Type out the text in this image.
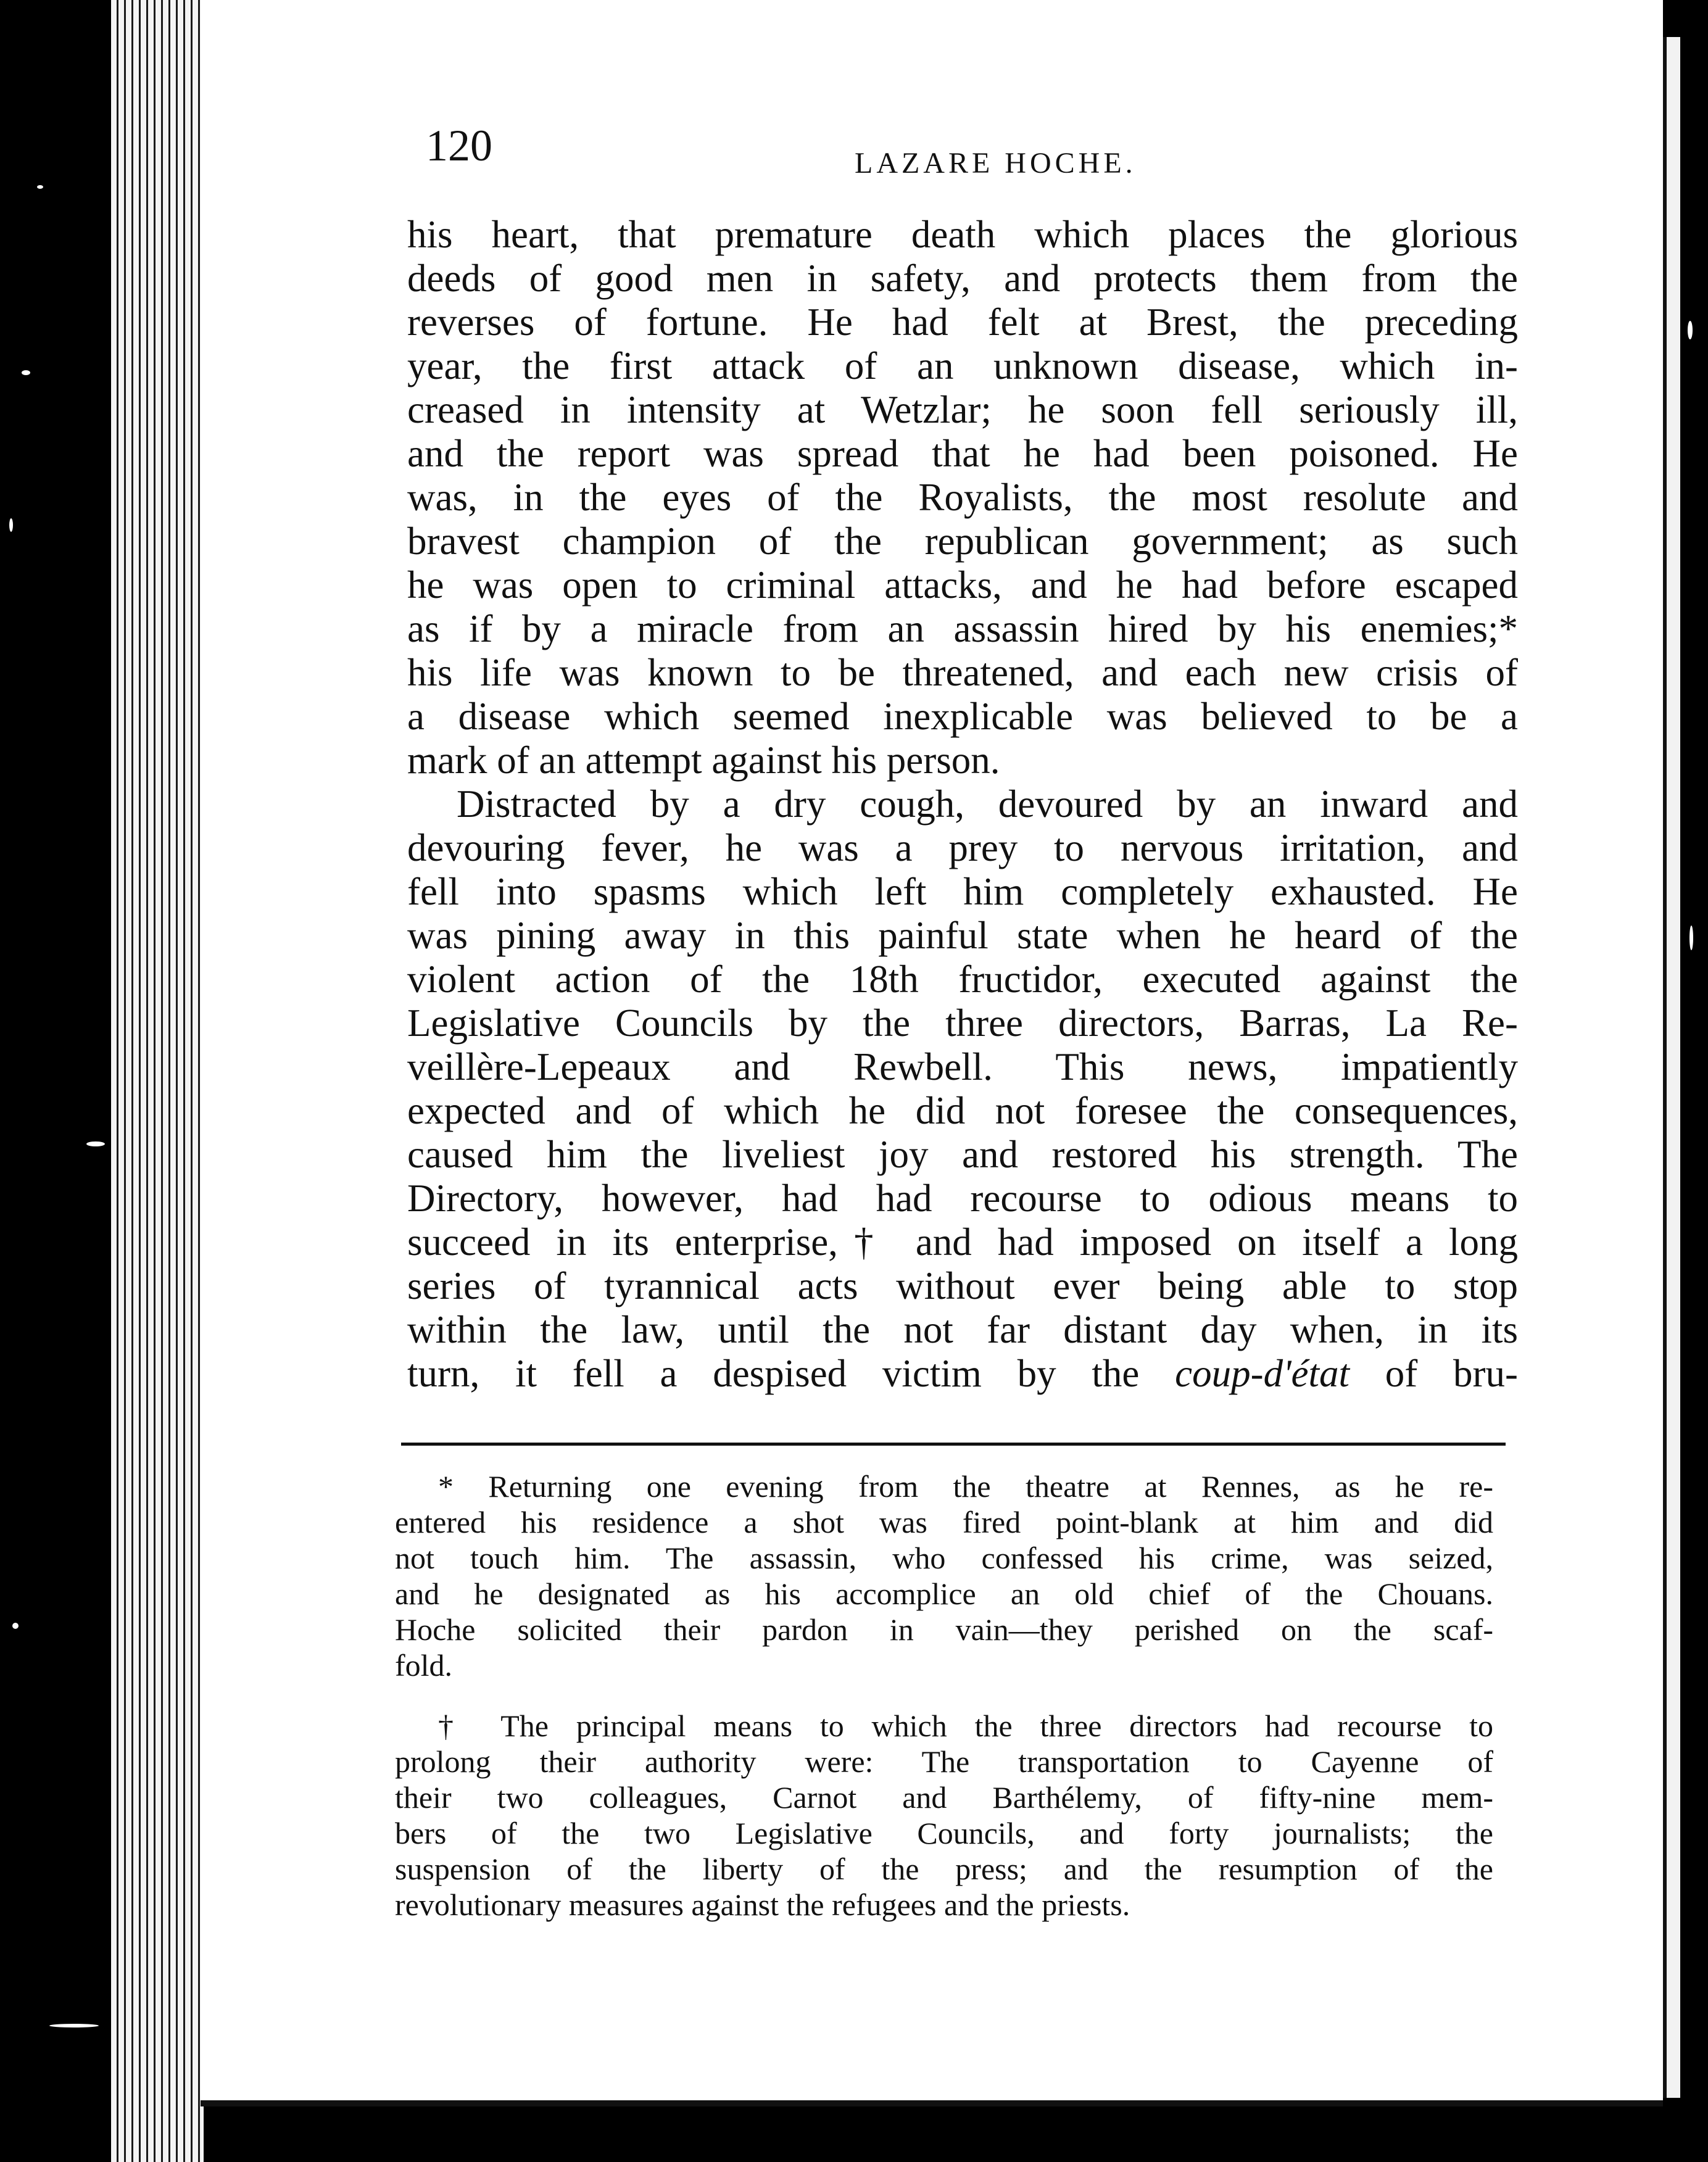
120	LAZARE HOCHE.
his heart, that premature death which places the glorious
deeds of good men in safety, and protects them from the
reverses of fortune. He had felt at Brest, the preceding
year, the first attack of an unknown disease, which in-
creased in intensity at Wetzlar; he soon fell seriously ill,
and the report was spread that he had been poisoned. He
was, in the eyes of the Royalists, the most resolute and
bravest champion of the republican government; as such
he was open to criminal attacks, and he had before escaped
as if by a miracle from an assassin hired by his enemies;*
his life was known to be threatened, and each new crisis of
a disease which seemed inexplicable was believed to be a
mark of an attempt against his person.
Distracted by a dry cough, devoured by an inward and
devouring fever, he was a prey to nervous irritation, and
fell into spasms which left him completely exhausted. He
was pining away in this painful state when he heard of the
violent action of the 18th fructidor, executed against the
Legislative Councils by the three directors, Barras, La Re-
veillère-Lepeaux and Rewbell. This news, impatiently
expected and of which he did not foresee the consequences,
caused him the liveliest joy and restored his strength. The
Directory, however, had had recourse to odious means to
succeed in its enterprise,† and had imposed on itself a long
series of tyrannical acts without ever being able to stop
within the law, until the not far distant day when, in its
turn, it fell a despised victim by the coup-d'état of bru-
* Returning one evening from the theatre at Rennes, as he re-
entered his residence a shot was fired point-blank at him and did
not touch him. The assassin, who confessed his crime, was seized,
and he designated as his accomplice an old chief of the Chouans.
Hoche solicited their pardon in vain—they perished on the scaf-
fold.
† The principal means to which the three directors had recourse to
prolong their authority were: The transportation to Cayenne of
their two colleagues, Carnot and Barthélemy, of fifty-nine mem-
bers of the two Legislative Councils, and forty journalists; the
suspension of the liberty of the press; and the resumption of the
revolutionary measures against the refugees and the priests.
